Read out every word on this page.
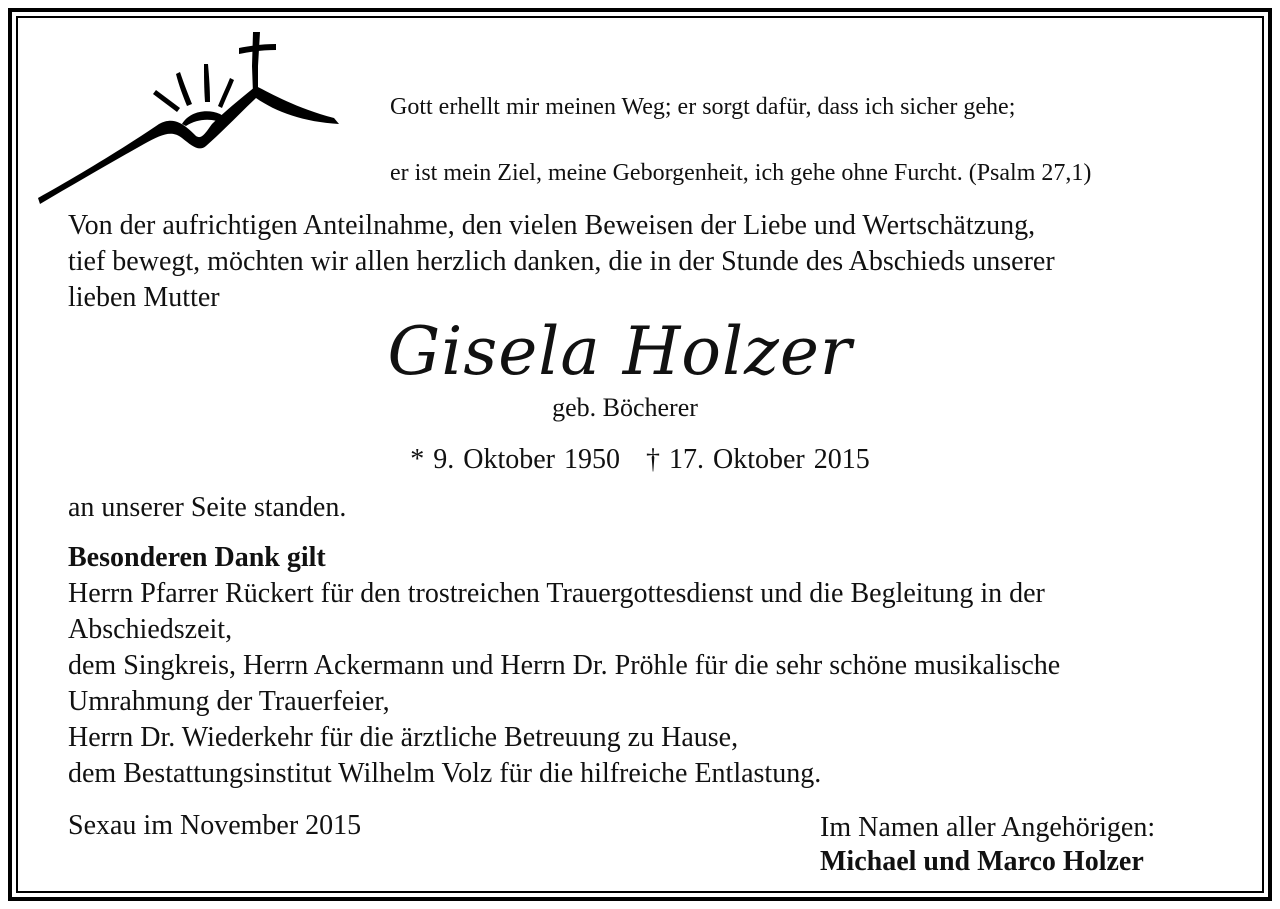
Gott erhellt mir meinen Weg; er sorgt dafür, dass ich sicher gehe;

er ist mein Ziel, meine Geborgenheit, ich gehe ohne Furcht. (Psalm 27,1)

Von der aufrichtigen Anteilnahme, den vielen Beweisen der Liebe und Wertschätzung,
tief bewegt, möchten wir allen herzlich danken, die in der Stunde des Abschieds unserer
lieben Mutter
Gisela Holzer
geb. Böcherer
* 9. Oktober 1950 † 17. Oktober 2015
an unserer Seite standen.
Besonderen Dank gilt
Herrn Pfarrer Rückert für den trostreichen Trauergottesdienst und die Begleitung in der
Abschiedszeit,
dem Singkreis, Herrn Ackermann und Herrn Dr. Pröhle für die sehr schöne musikalische
Umrahmung der Trauerfeier,
Herrn Dr. Wiederkehr für die ärztliche Betreuung zu Hause,
dem Bestattungsinstitut Wilhelm Volz für die hilfreiche Entlastung.
Sexau im November 2015	Im Namen aller Angehörigen:
Michael und Marco Holzer
